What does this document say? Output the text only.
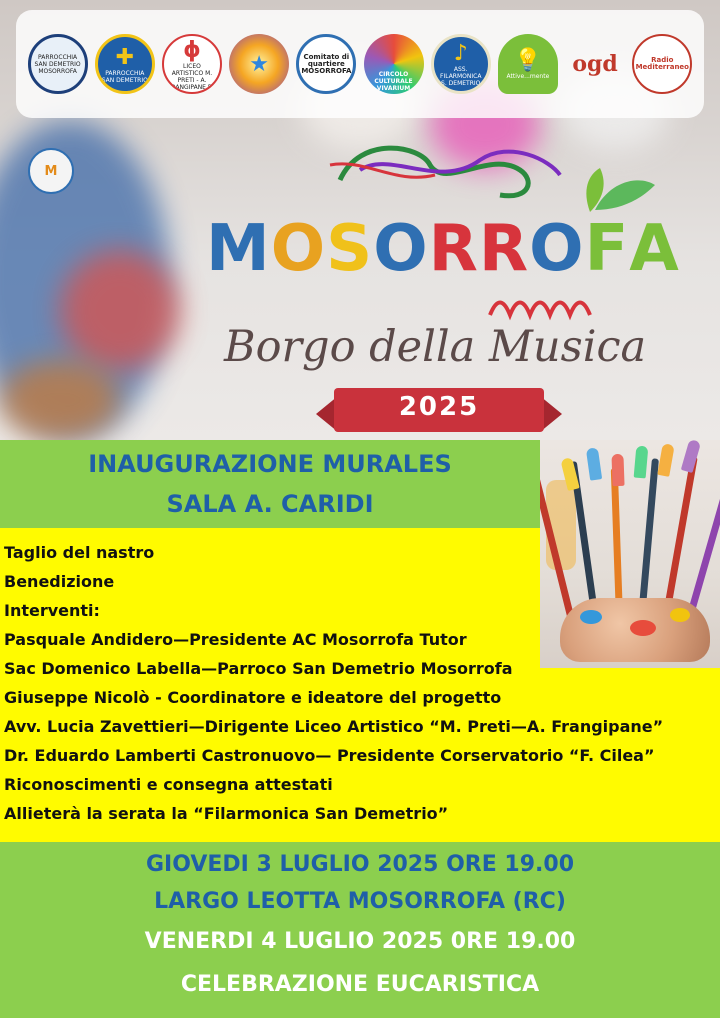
PARROCCHIA SAN DEMETRIO MOSORROFA
✚
PARROCCHIA SAN DEMETRIO
ϕ
LICEO ARTISTICO M. PRETI - A. FRANGIPANE RC
★	Comitato di quartiere MOSORROFA	CIRCOLO CULTURALE VIVARIUM
♪
ASS. FILARMONICA S. DEMETRIO
💡
Attive...mente ogd	Radio Mediterraneo
M
MOSORROFA
Borgo della Musica
2025
INAUGURAZIONE MURALES
SALA A. CARIDI
Taglio del nastro
Benedizione
Interventi:
Pasquale Andidero—Presidente AC Mosorrofa Tutor
Sac Domenico Labella—Parroco San Demetrio Mosorrofa
Giuseppe Nicolò - Coordinatore e ideatore del progetto
Avv. Lucia Zavettieri—Dirigente Liceo Artistico “M. Preti—A. Frangipane”
Dr. Eduardo Lamberti Castronuovo— Presidente Corservatorio “F. Cilea”
Riconoscimenti e consegna attestati
Allieterà la serata la “Filarmonica San Demetrio”
GIOVEDI 3 LUGLIO 2025 ORE 19.00
LARGO LEOTTA MOSORROFA (RC)
VENERDI 4 LUGLIO 2025 0RE 19.00
CELEBRAZIONE EUCARISTICA
